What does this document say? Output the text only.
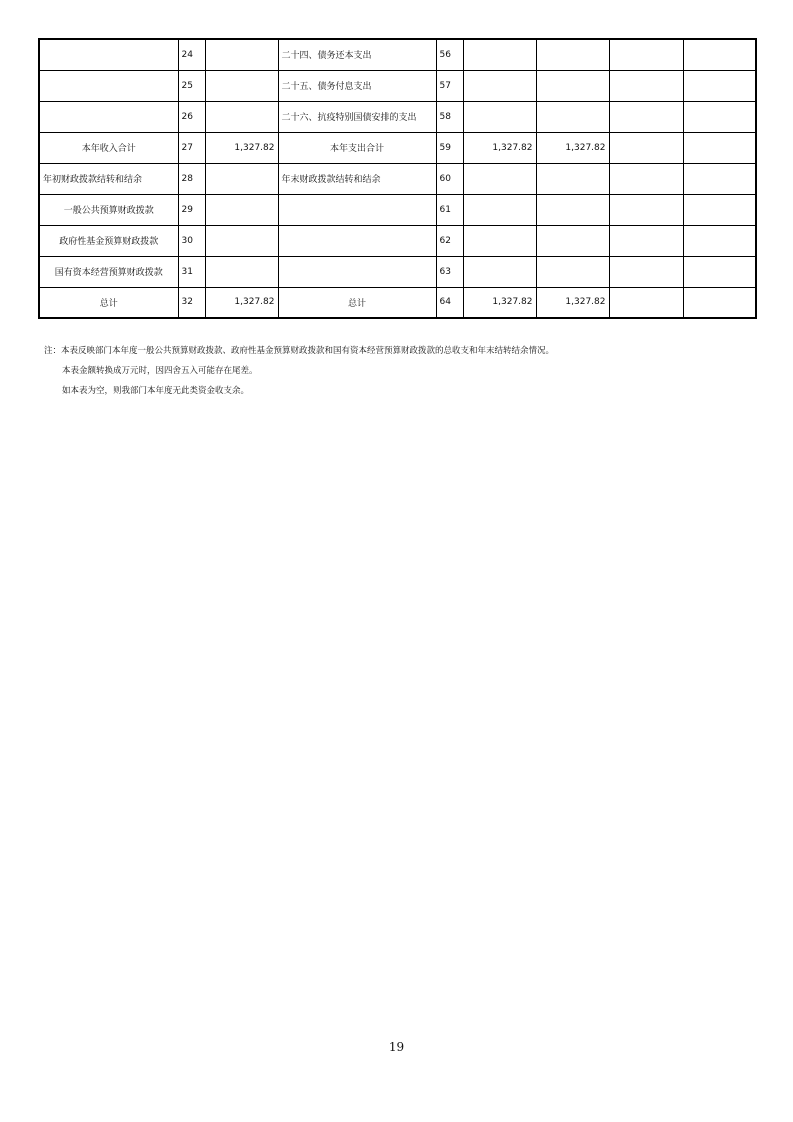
	24		二十四、债务还本支出	56				
	25		二十五、债务付息支出	57				
	26		二十六、抗疫特别国债安排的支出	58				
本年收入合计	27	1,327.82	本年支出合计	59	1,327.82	1,327.82		
年初财政拨款结转和结余	28		年末财政拨款结转和结余	60				
一般公共预算财政拨款	29			61				
政府性基金预算财政拨款	30			62				
国有资本经营预算财政拨款	31			63				
总计	32	1,327.82	总计	64	1,327.82	1,327.82		
注：本表反映部门本年度一般公共预算财政拨款、政府性基金预算财政拨款和国有资本经营预算财政拨款的总收支和年末结转结余情况。
本表金额转换成万元时，因四舍五入可能存在尾差。
如本表为空，则我部门本年度无此类资金收支余。
19
